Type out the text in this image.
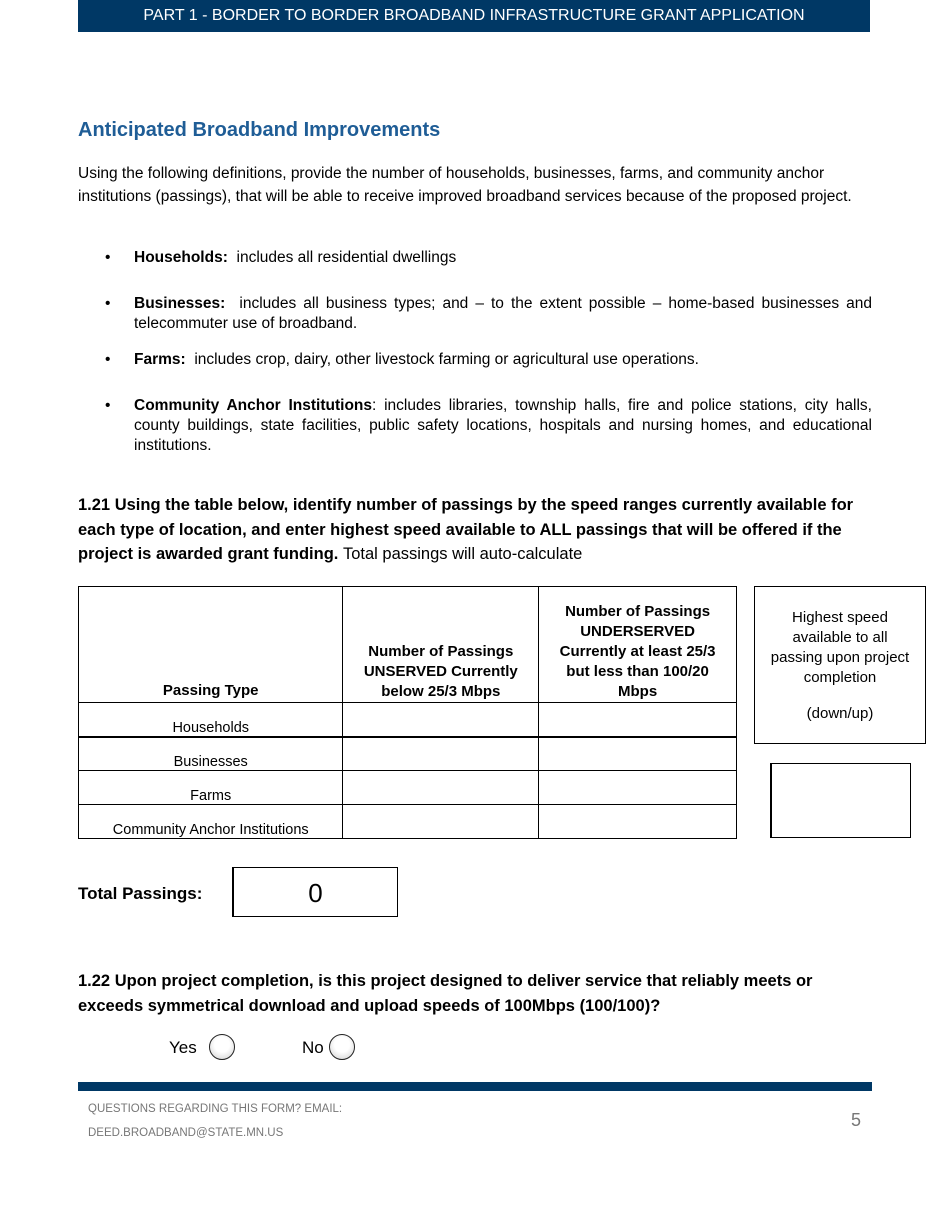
PART 1 - BORDER TO BORDER BROADBAND INFRASTRUCTURE GRANT APPLICATION
Anticipated Broadband Improvements
Using the following definitions, provide the number of households, businesses, farms, and community anchor institutions (passings), that will be able to receive improved broadband services because of the proposed project.
• Households: includes all residential dwellings
• Businesses: includes all business types; and – to the extent possible – home-based businesses and telecommuter use of broadband.
• Farms: includes crop, dairy, other livestock farming or agricultural use operations.
• Community Anchor Institutions: includes libraries, township halls, fire and police stations, city halls, county buildings, state facilities, public safety locations, hospitals and nursing homes, and educational institutions.
1.21 Using the table below, identify number of passings by the speed ranges currently available for each type of location, and enter highest speed available to ALL passings that will be offered if the project is awarded grant funding. Total passings will auto-calculate
Passing Type	Number of Passings UNSERVED Currently below 25/3 Mbps	Number of Passings UNDERSERVED Currently at least 25/3 but less than 100/20 Mbps
Households		
Businesses		
Farms		
Community Anchor Institutions		
Highest speed available to all passing upon project completion
(down/up)
Total Passings:	0
1.22 Upon project completion, is this project designed to deliver service that reliably meets or exceeds symmetrical download and upload speeds of 100Mbps (100/100)?
Yes	No
QUESTIONS REGARDING THIS FORM? EMAIL:
DEED.BROADBAND@STATE.MN.US
5
